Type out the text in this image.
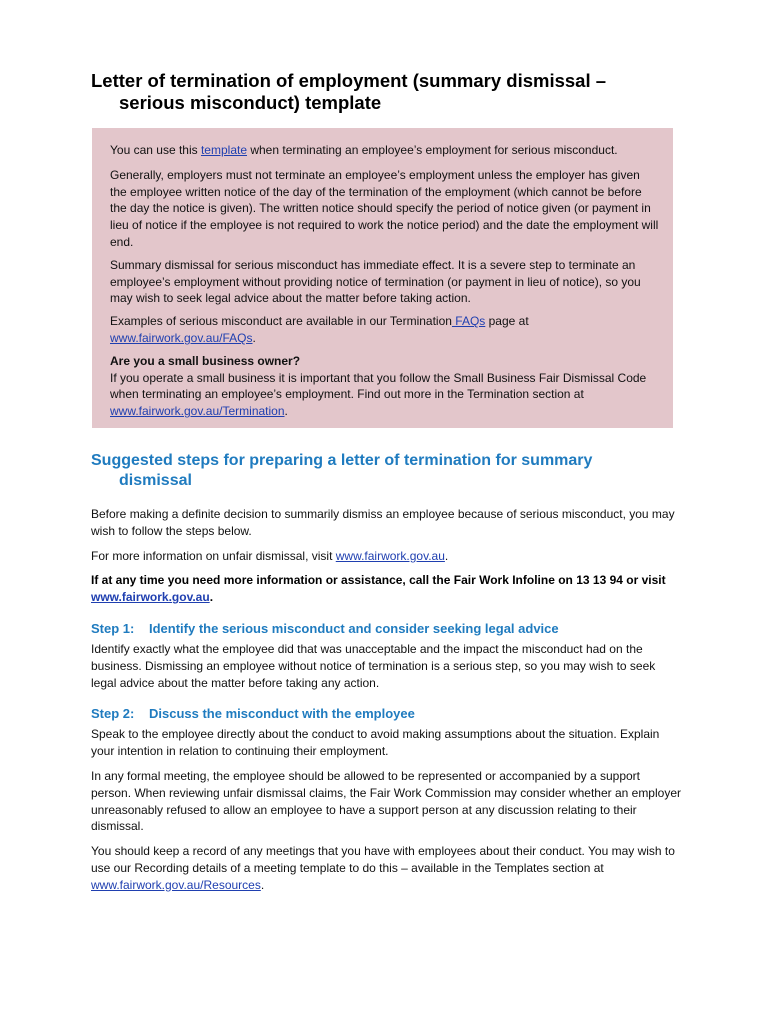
Letter of termination of employment (summary dismissal –
serious misconduct) template

You can use this template when terminating an employee’s employment for serious misconduct.

Generally, employers must not terminate an employee’s employment unless the employer has given the employee written notice of the day of the termination of the employment (which cannot be before the day the notice is given). The written notice should specify the period of notice given (or payment in lieu of notice if the employee is not required to work the notice period) and the date the employment will end.

Summary dismissal for serious misconduct has immediate effect. It is a severe step to terminate an employee’s employment without providing notice of termination (or payment in lieu of notice), so you may wish to seek legal advice about the matter before taking action.

Examples of serious misconduct are available in our Termination FAQs page at www.fairwork.gov.au/FAQs.

Are you a small business owner?

If you operate a small business it is important that you follow the Small Business Fair Dismissal Code when terminating an employee’s employment. Find out more in the Termination section at www.fairwork.gov.au/Termination.

Suggested steps for preparing a letter of termination for summary
dismissal

Before making a definite decision to summarily dismiss an employee because of serious misconduct, you may wish to follow the steps below.

For more information on unfair dismissal, visit www.fairwork.gov.au.

If at any time you need more information or assistance, call the Fair Work Infoline on 13 13 94 or visit www.fairwork.gov.au.

Step 1: Identify the serious misconduct and consider seeking legal advice

Identify exactly what the employee did that was unacceptable and the impact the misconduct had on the business. Dismissing an employee without notice of termination is a serious step, so you may wish to seek legal advice about the matter before taking any action.

Step 2: Discuss the misconduct with the employee

Speak to the employee directly about the conduct to avoid making assumptions about the situation. Explain your intention in relation to continuing their employment.

In any formal meeting, the employee should be allowed to be represented or accompanied by a support person. When reviewing unfair dismissal claims, the Fair Work Commission may consider whether an employer unreasonably refused to allow an employee to have a support person at any discussion relating to their dismissal.

You should keep a record of any meetings that you have with employees about their conduct. You may wish to use our Recording details of a meeting template to do this – available in the Templates section at www.fairwork.gov.au/Resources.
